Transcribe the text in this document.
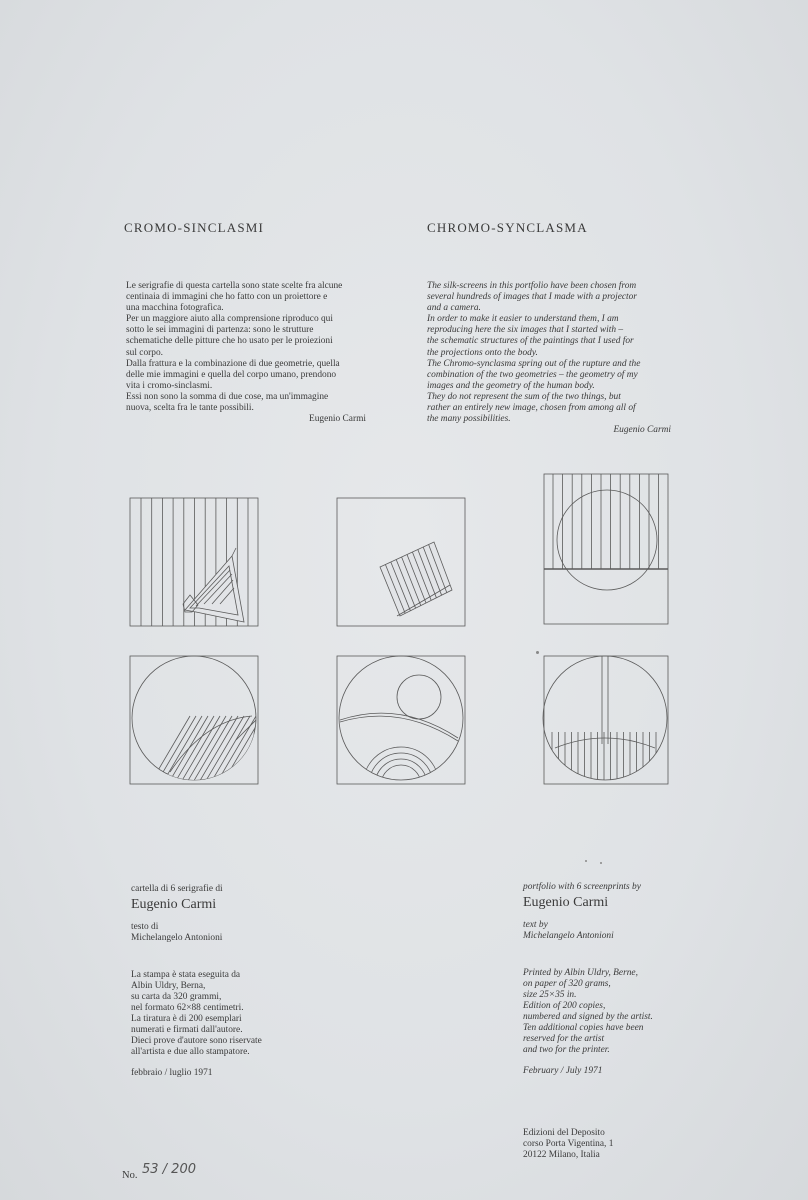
CROMO-SINCLASMI	CHROMO-SYNCLASMA

Le serigrafie di questa cartella sono state scelte fra alcune

centinaia di immagini che ho fatto con un proiettore e

una macchina fotografica.

Per un maggiore aiuto alla comprensione riproduco qui

sotto le sei immagini di partenza: sono le strutture

schematiche delle pitture che ho usato per le proiezioni

sul corpo.

Dalla frattura e la combinazione di due geometrie, quella

delle mie immagini e quella del corpo umano, prendono

vita i cromo-sinclasmi.

Essi non sono la somma di due cose, ma un'immagine

nuova, scelta fra le tante possibili.

Eugenio Carmi

The silk-screens in this portfolio have been chosen from

several hundreds of images that I made with a projector

and a camera.

In order to make it easier to understand them, I am

reproducing here the six images that I started with –

the schematic structures of the paintings that I used for

the projections onto the body.

The Chromo-synclasma spring out of the rupture and the

combination of the two geometries – the geometry of my

images and the geometry of the human body.

They do not represent the sum of the two things, but

rather an entirely new image, chosen from among all of

the many possibilities.

Eugenio Carmi

cartella di 6 serigrafie di
Eugenio Carmi
testo di
Michelangelo Antonioni
La stampa è stata eseguita da
Albin Uldry, Berna,
su carta da 320 grammi,
nel formato 62×88 centimetri.
La tiratura è di 200 esemplari
numerati e firmati dall'autore.
Dieci prove d'autore sono riservate
all'artista e due allo stampatore.
febbraio / luglio 1971
portfolio with 6 screenprints by
Eugenio Carmi
text by
Michelangelo Antonioni
Printed by Albin Uldry, Berne,
on paper of 320 grams,
size 25×35 in.
Edition of 200 copies,
numbered and signed by the artist.
Ten additional copies have been
reserved for the artist
and two for the printer.
February / July 1971
No. 53 / 200
Edizioni del Deposito
corso Porta Vigentina, 1
20122 Milano, Italia
